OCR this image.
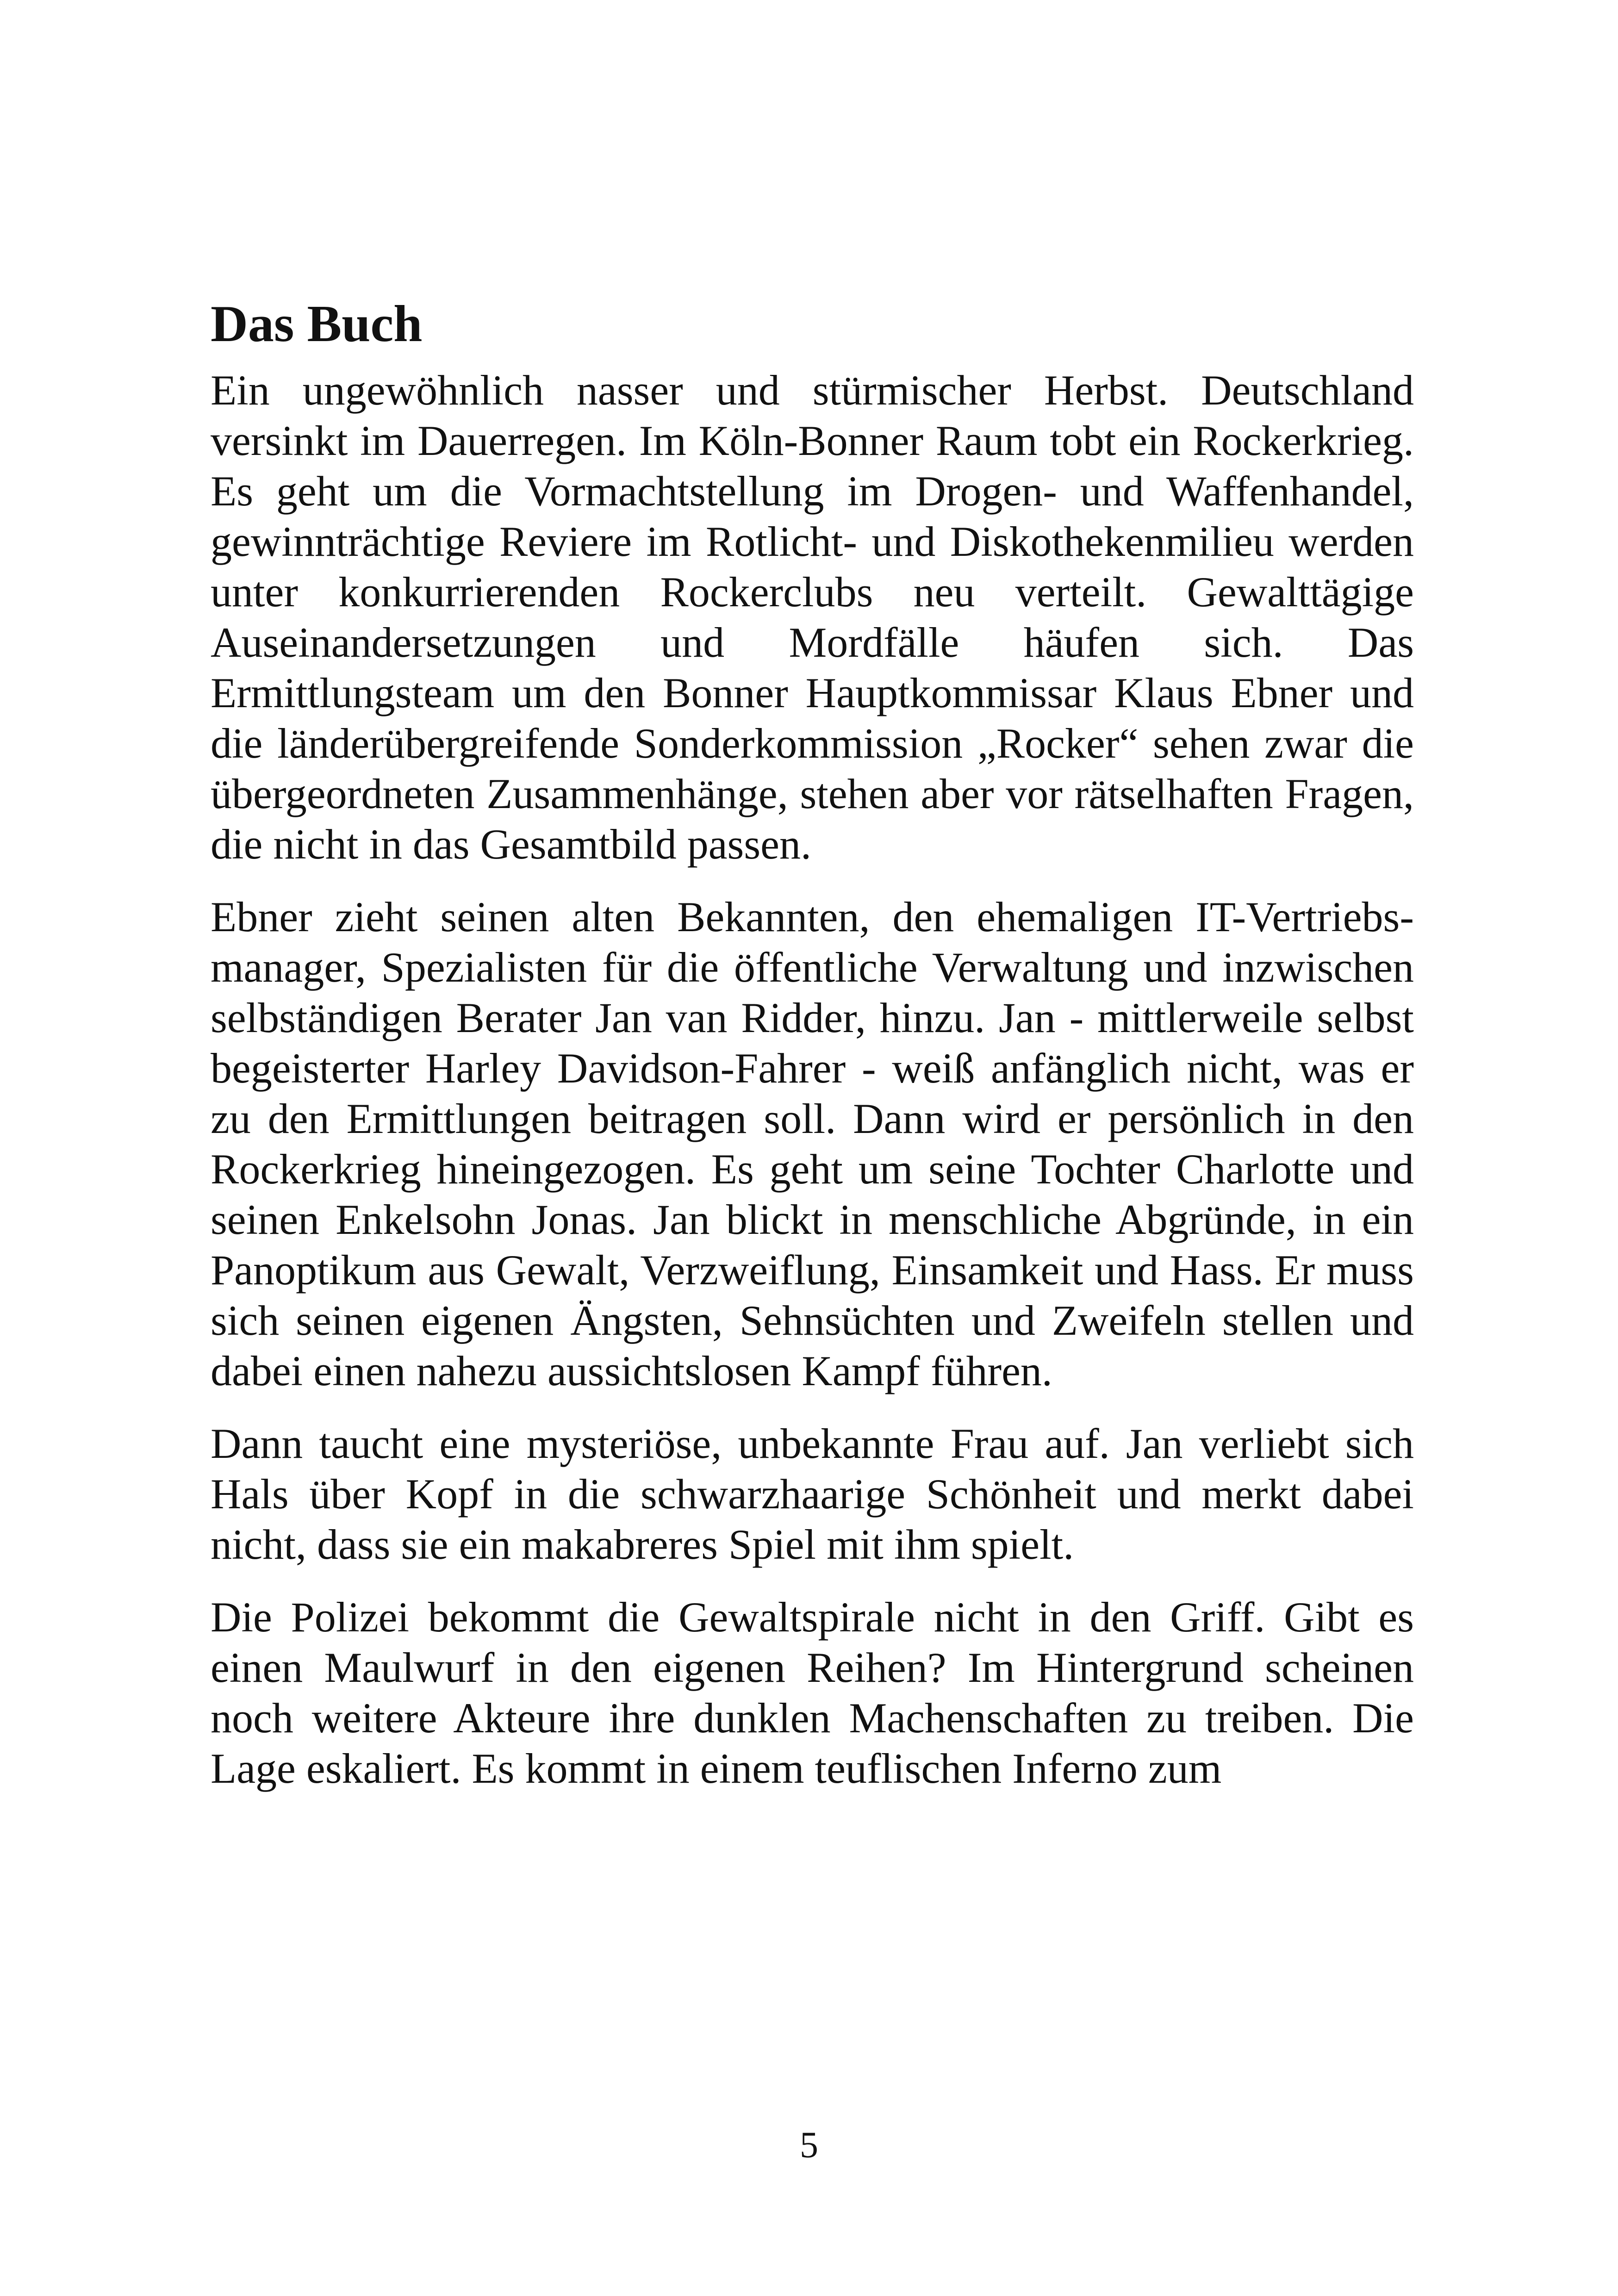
Das Buch

Ein ungewöhnlich nasser und stürmischer Herbst. Deutschland versinkt im Dauerregen. Im Köln-Bonner Raum tobt ein Rockerkrieg. Es geht um die Vormachtstellung im Drogen- und Waffenhandel, gewinnträchtige Reviere im Rotlicht- und Diskothekenmilieu werden unter konkurrierenden Rockerclubs neu verteilt. Gewalttägige Auseinandersetzungen und Mordfälle häufen sich. Das Ermittlungsteam um den Bonner Hauptkommissar Klaus Ebner und die länderübergreifende Sonderkommission „Rocker“ sehen zwar die übergeordneten Zusammenhänge, stehen aber vor rätselhaften Fragen, die nicht in das Gesamtbild passen.

Ebner zieht seinen alten Bekannten, den ehemaligen IT-Vertriebsmanager, Spezialisten für die öffentliche Verwaltung und inzwischen selbständigen Berater Jan van Ridder, hinzu. Jan - mittlerweile selbst begeisterter Harley Davidson-Fahrer - weiß anfänglich nicht, was er zu den Ermittlungen beitragen soll. Dann wird er persönlich in den Rockerkrieg hineingezogen. Es geht um seine Tochter Charlotte und seinen Enkelsohn Jonas. Jan blickt in menschliche Abgründe, in ein Panoptikum aus Gewalt, Verzweiflung, Einsamkeit und Hass. Er muss sich seinen eigenen Ängsten, Sehnsüchten und Zweifeln stellen und dabei einen nahezu aussichtslosen Kampf führen.

Dann taucht eine mysteriöse, unbekannte Frau auf. Jan verliebt sich Hals über Kopf in die schwarzhaarige Schönheit und merkt dabei nicht, dass sie ein makabreres Spiel mit ihm spielt.

Die Polizei bekommt die Gewaltspirale nicht in den Griff. Gibt es einen Maulwurf in den eigenen Reihen? Im Hintergrund scheinen noch weitere Akteure ihre dunklen Machenschaften zu treiben. Die Lage eskaliert. Es kommt in einem teuflischen Inferno zum

5
